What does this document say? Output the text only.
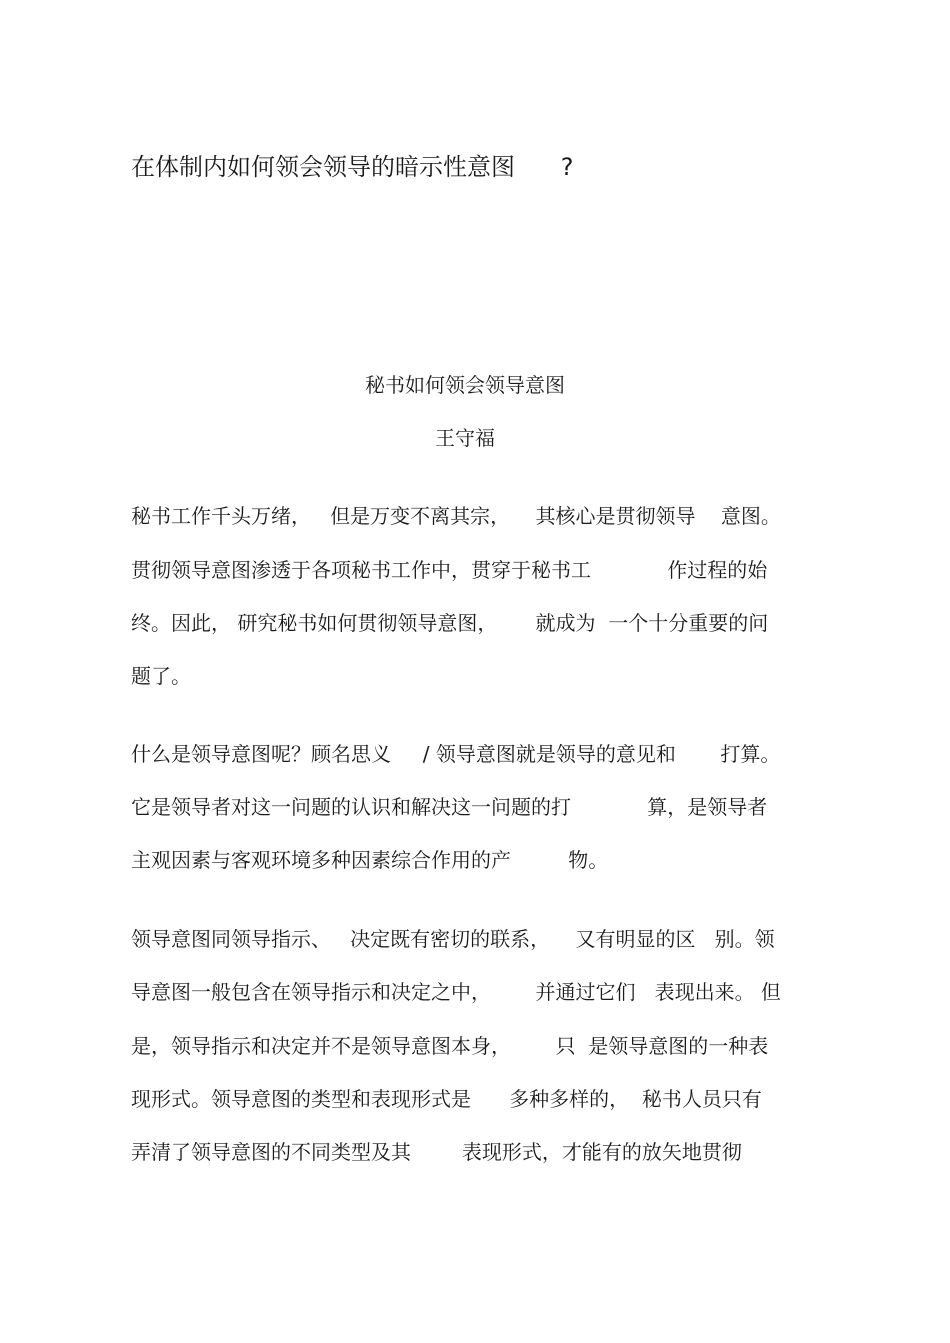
在体制内如何领会领导的暗示性意图      ?
秘书如何领会领导意图
王守福
秘书工作千头万绪，   但是万变不离其宗，    其核心是贯彻领导    意图。
贯彻领导意图渗透于各项秘书工作中，贯穿于秘书工            作过程的始
终。因此， 研究秘书如何贯彻领导意图，      就成为  一个十分重要的问
题了。
什么是领导意图呢？顾名思义     / 领导意图就是领导的意见和       打算。
它是领导者对这一问题的认识和解决这一问题的打            算，是领导者
主观因素与客观环境多种因素综合作用的产         物。
领导意图同领导指示、   决定既有密切的联系，    又有明显的区   别。领
导意图一般包含在领导指示和决定之中，       并通过它们   表现出来。 但
是，领导指示和决定并不是领导意图本身，       只  是领导意图的一种表
现形式。领导意图的类型和表现形式是      多种多样的，  秘书人员只有
弄清了领导意图的不同类型及其        表现形式，才能有的放矢地贯彻
